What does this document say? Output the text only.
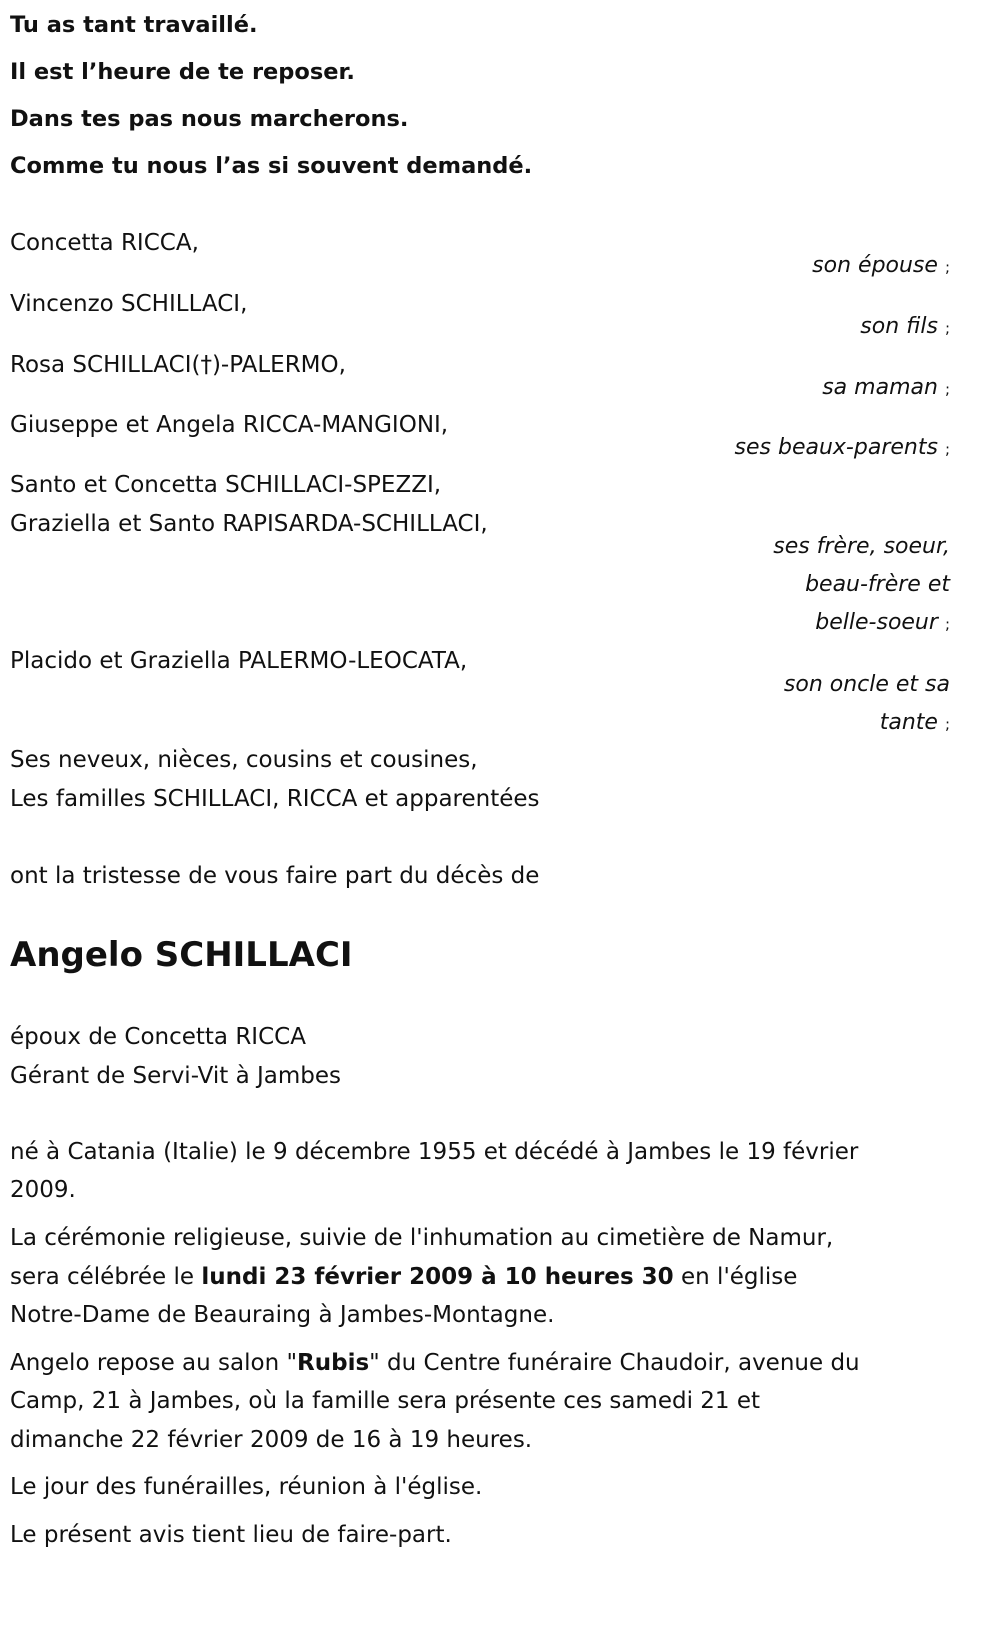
Tu as tant travaillé.
Il est l’heure de te reposer.
Dans tes pas nous marcherons.
Comme tu nous l’as si souvent demandé.
Concetta RICCA,
son épouse ;
Vincenzo SCHILLACI,
son fils ;
Rosa SCHILLACI(†)-PALERMO,
sa maman ;
Giuseppe et Angela RICCA-MANGIONI,
ses beaux-parents ;
Santo et Concetta SCHILLACI-SPEZZI,
Graziella et Santo RAPISARDA-SCHILLACI,
ses frère, soeur,
beau-frère et
belle-soeur ;
Placido et Graziella PALERMO-LEOCATA,
son oncle et sa
tante ;
Ses neveux, nièces, cousins et cousines,
Les familles SCHILLACI, RICCA et apparentées
ont la tristesse de vous faire part du décès de
Angelo SCHILLACI
époux de Concetta RICCA
Gérant de Servi-Vit à Jambes
né à Catania (Italie) le 9 décembre 1955 et décédé à Jambes le 19 février
2009.
La cérémonie religieuse, suivie de l'inhumation au cimetière de Namur,
sera célébrée le lundi 23 février 2009 à 10 heures 30 en l'église
Notre-Dame de Beauraing à Jambes-Montagne.
Angelo repose au salon "Rubis" du Centre funéraire Chaudoir, avenue du
Camp, 21 à Jambes, où la famille sera présente ces samedi 21 et
dimanche 22 février 2009 de 16 à 19 heures.
Le jour des funérailles, réunion à l'église.
Le présent avis tient lieu de faire-part.
